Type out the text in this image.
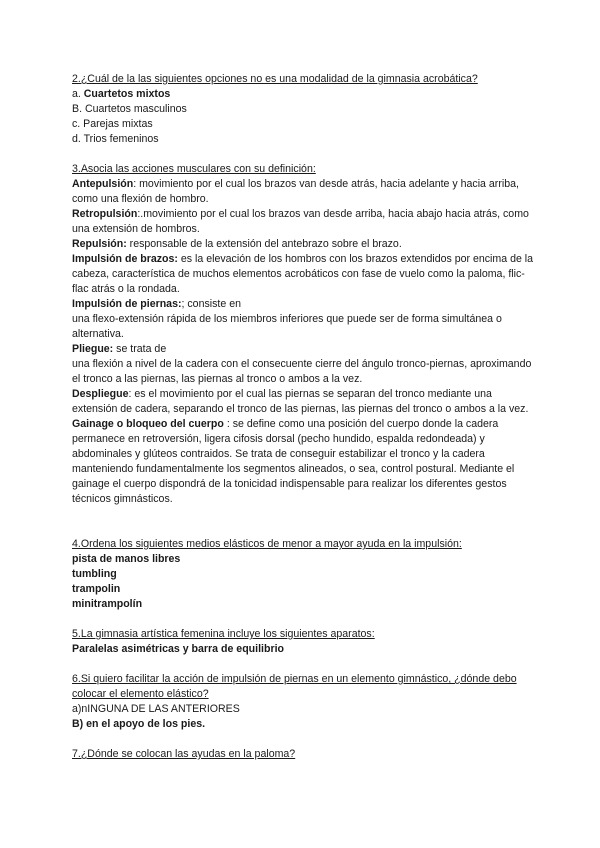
2.¿Cuál de la las siguientes opciones no es una modalidad de la gimnasia acrobática?

a. Cuartetos mixtos

B. Cuartetos masculinos

c. Parejas mixtas

d. Trios femeninos

3.Asocia las acciones musculares con su definición:

Antepulsión: movimiento por el cual los brazos van desde atrás, hacia adelante y hacia arriba, como una flexión de hombro.

Retropulsión:.movimiento por el cual los brazos van desde arriba, hacia abajo hacia atrás, como una extensión de hombros.

Repulsión: responsable de la extensión del antebrazo sobre el brazo.

Impulsión de brazos: es la elevación de los hombros con los brazos extendidos por encima de la cabeza, característica de muchos elementos acrobáticos con fase de vuelo como la paloma, flic-flac atrás o la rondada.

Impulsión de piernas:; consiste en

una flexo-extensión rápida de los miembros inferiores que puede ser de forma simultánea o alternativa.

Pliegue: se trata de

una flexión a nivel de la cadera con el consecuente cierre del ángulo tronco-piernas, aproximando el tronco a las piernas, las piernas al tronco o ambos a la vez.

Despliegue: es el movimiento por el cual las piernas se separan del tronco mediante una extensión de cadera, separando el tronco de las piernas, las piernas del tronco o ambos a la vez.

Gainage o bloqueo del cuerpo : se define como una posición del cuerpo donde la cadera permanece en retroversión, ligera cifosis dorsal (pecho hundido, espalda redondeada) y abdominales y glúteos contraidos. Se trata de conseguir estabilizar el tronco y la cadera manteniendo fundamentalmente los segmentos alineados, o sea, control postural. Mediante el gainage el cuerpo dispondrá de la tonicidad indispensable para realizar los diferentes gestos

técnicos gimnásticos.

4.Ordena los siguientes medios elásticos de menor a mayor ayuda en la impulsión:

pista de manos libres

tumbling

trampolin

minitrampolín

5.La gimnasia artística femenina incluye los siguientes aparatos:

Paralelas asimétricas y barra de equilibrio

6.Si quiero facilitar la acción de impulsión de piernas en un elemento gimnástico, ¿dónde debo colocar el elemento elástico?

a)nINGUNA DE LAS ANTERIORES

B) en el apoyo de los pies.

7.¿Dónde se colocan las ayudas en la paloma?
